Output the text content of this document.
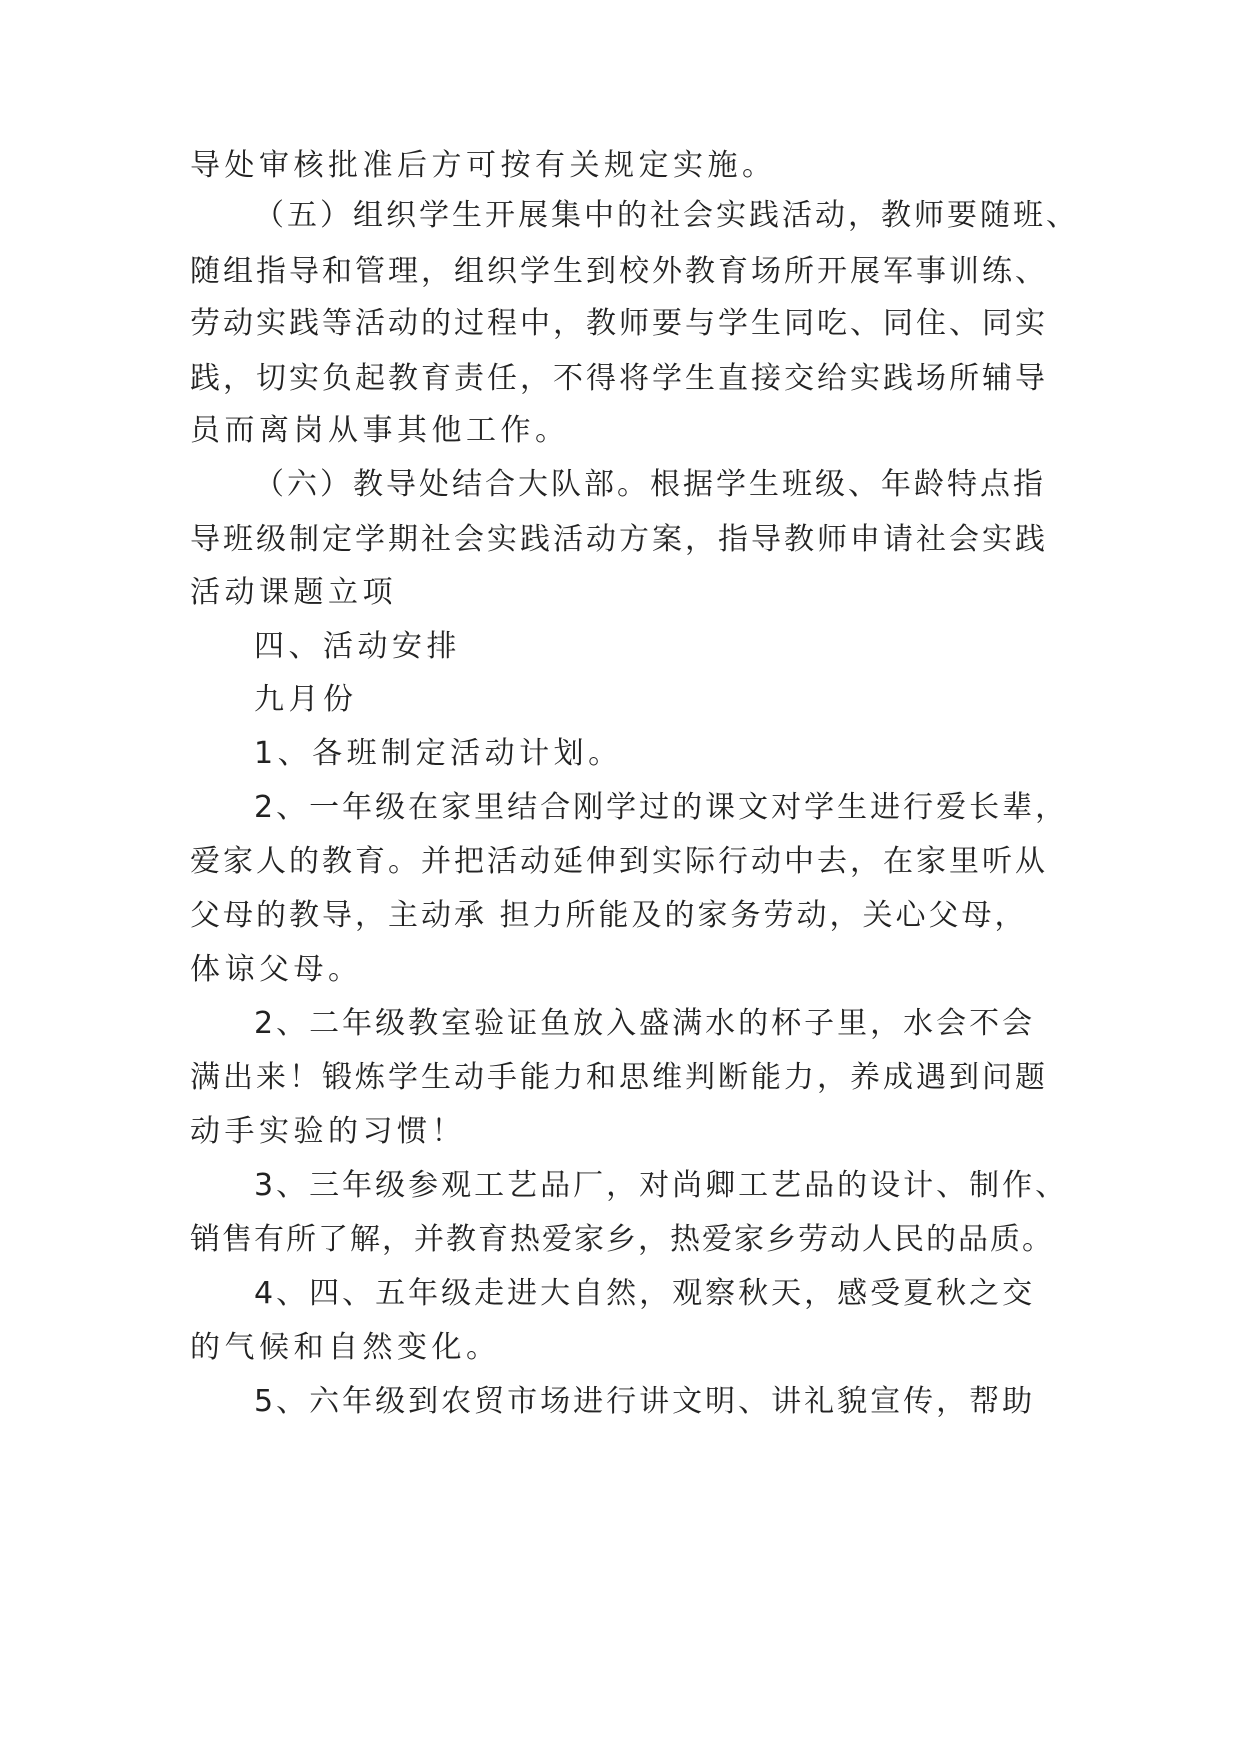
导处审核批准后方可按有关规定实施。
（五）组织学生开展集中的社会实践活动，教师要随班、
随组指导和管理，组织学生到校外教育场所开展军事训练、
劳动实践等活动的过程中，教师要与学生同吃、同住、同实
践，切实负起教育责任，不得将学生直接交给实践场所辅导
员而离岗从事其他工作。
（六）教导处结合大队部。根据学生班级、年龄特点指
导班级制定学期社会实践活动方案，指导教师申请社会实践
活动课题立项
四、活动安排
九月份
1、各班制定活动计划。
2、一年级在家里结合刚学过的课文对学生进行爱长辈，
爱家人的教育。并把活动延伸到实际行动中去，在家里听从
父母的教导，主动承 担力所能及的家务劳动，关心父母，
体谅父母。
2、二年级教室验证鱼放入盛满水的杯子里，水会不会
满出来！锻炼学生动手能力和思维判断能力，养成遇到问题
动手实验的习惯！
3、三年级参观工艺品厂，对尚卿工艺品的设计、制作、
销售有所了解，并教育热爱家乡，热爱家乡劳动人民的品质。
4、四、五年级走进大自然，观察秋天，感受夏秋之交
的气候和自然变化。
5、六年级到农贸市场进行讲文明、讲礼貌宣传，帮助
